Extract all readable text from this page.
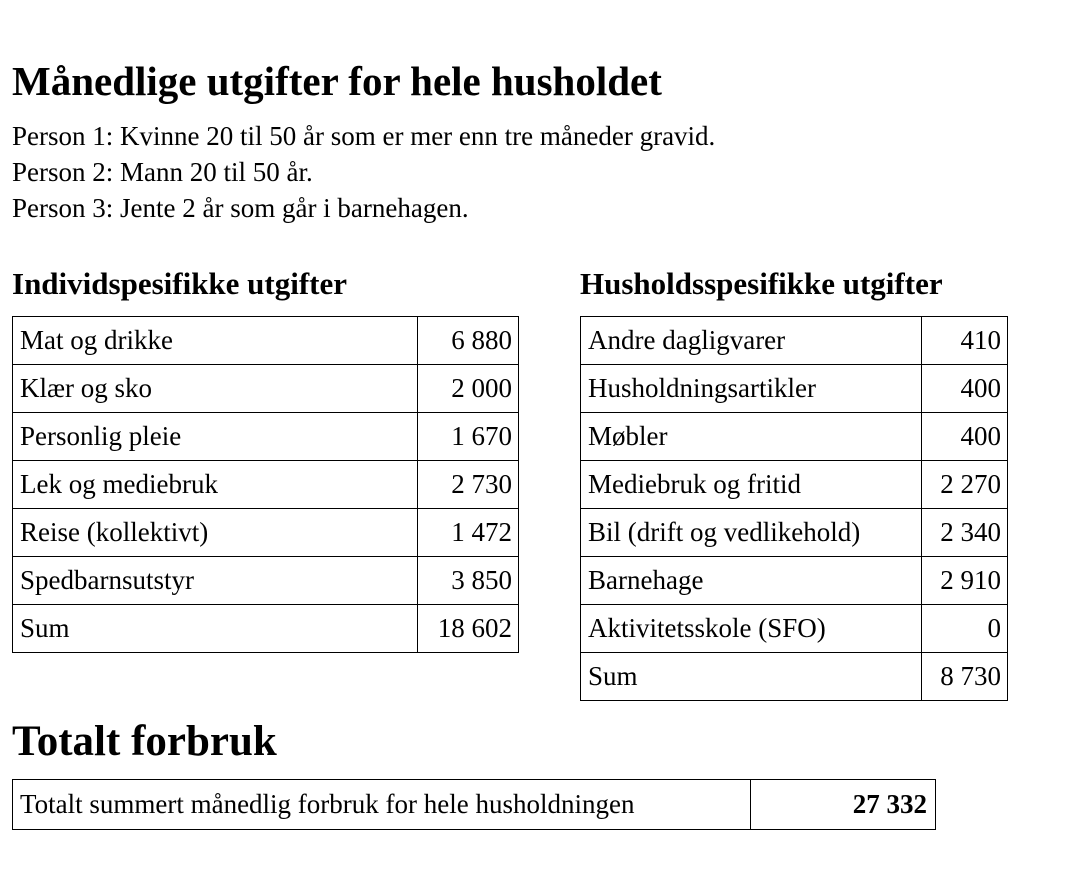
Månedlige utgifter for hele husholdet
Person 1: Kvinne 20 til 50 år som er mer enn tre måneder gravid.
Person 2: Mann 20 til 50 år.
Person 3: Jente 2 år som går i barnehagen.
Individspesifikke utgifter
Mat og drikke	6 880
Klær og sko	2 000
Personlig pleie	1 670
Lek og mediebruk	2 730
Reise (kollektivt)	1 472
Spedbarnsutstyr	3 850
Sum	18 602
Husholdsspesifikke utgifter
Andre dagligvarer	410
Husholdningsartikler	400
Møbler	400
Mediebruk og fritid	2 270
Bil (drift og vedlikehold)	2 340
Barnehage	2 910
Aktivitetsskole (SFO)	0
Sum	8 730
Totalt forbruk
Totalt summert månedlig forbruk for hele husholdningen	27 332
